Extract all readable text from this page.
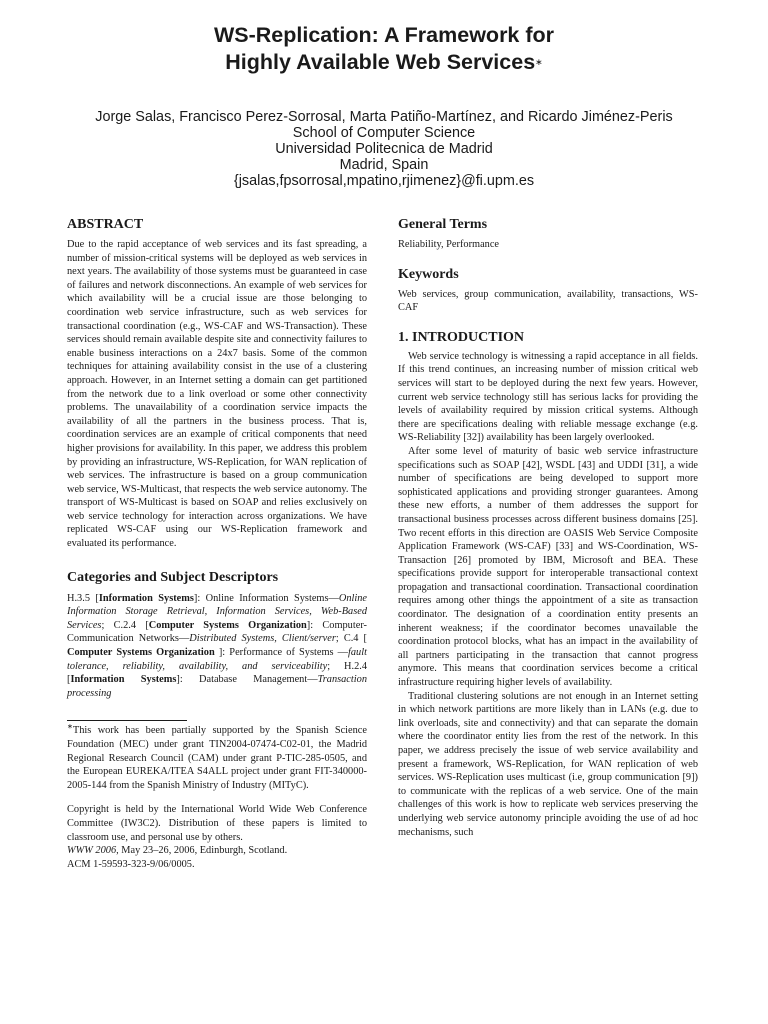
WS-Replication: A Framework for
Highly Available Web Services∗
Jorge Salas, Francisco Perez-Sorrosal, Marta Patiño-Martínez, and Ricardo Jiménez-Peris
School of Computer Science
Universidad Politecnica de Madrid
Madrid, Spain
{jsalas,fpsorrosal,mpatino,rjimenez}@fi.upm.es
ABSTRACT

Due to the rapid acceptance of web services and its fast spreading, a number of mission-critical systems will be deployed as web services in next years. The availability of those systems must be guaranteed in case of failures and network disconnections. An example of web services for which availability will be a crucial issue are those belonging to coordination web service infrastructure, such as web services for transactional coordination (e.g., WS-CAF and WS-Transaction). These services should remain available despite site and connectivity failures to enable business interactions on a 24x7 basis. Some of the common techniques for attaining availability consist in the use of a clustering approach. However, in an Internet setting a domain can get partitioned from the network due to a link overload or some other connectivity problems. The unavailability of a coordination service impacts the availability of all the partners in the business process. That is, coordination services are an example of critical components that need higher provisions for availability. In this paper, we address this problem by providing an infrastructure, WS-Replication, for WAN replication of web services. The infrastructure is based on a group communication web service, WS-Multicast, that respects the web service autonomy. The transport of WS-Multicast is based on SOAP and relies exclusively on web service technology for interaction across organizations. We have replicated WS-CAF using our WS-Replication framework and evaluated its performance.

Categories and Subject Descriptors

H.3.5 [Information Systems]: Online Information Systems—Online Information Storage Retrieval, Information Services, Web-Based Services; C.2.4 [Computer Systems Organization]: Computer-Communication Networks—Distributed Systems, Client/server; C.4 [ Computer Systems Organization ]: Performance of Systems —fault tolerance, reliability, availability, and serviceability; H.2.4 [Information Systems]: Database Management—Transaction processing

∗This work has been partially supported by the Spanish Science Foundation (MEC) under grant TIN2004-07474-C02-01, the Madrid Regional Research Council (CAM) under grant P-TIC-285-0505, and the European EUREKA/ITEA S4ALL project under grant FIT-340000-2005-144 from the Spanish Ministry of Industry (MITyC).

Copyright is held by the International World Wide Web Conference Committee (IW3C2). Distribution of these papers is limited to classroom use, and personal use by others.

WWW 2006, May 23–26, 2006, Edinburgh, Scotland.

ACM 1-59593-323-9/06/0005.

General Terms

Reliability, Performance

Keywords

Web services, group communication, availability, transactions, WS-CAF

1. INTRODUCTION

Web service technology is witnessing a rapid acceptance in all fields. If this trend continues, an increasing number of mission critical web services will start to be deployed during the next few years. However, current web service technology still has serious lacks for providing the levels of availability required by mission critical systems. Although there are specifications dealing with reliable message exchange (e.g. WS-Reliability [32]) availability has been largely overlooked.

After some level of maturity of basic web service infrastructure specifications such as SOAP [42], WSDL [43] and UDDI [31], a wide number of specifications are being developed to support more sophisticated applications and providing stronger guarantees. Among these new efforts, a number of them addresses the support for transactional business processes across different business domains [25]. Two recent efforts in this direction are OASIS Web Service Composite Application Framework (WS-CAF) [33] and WS-Coordination, WS-Transaction [26] promoted by IBM, Microsoft and BEA. These specifications provide support for interoperable transactional context propagation and transactional coordination. Transactional coordination requires among other things the appointment of a site as transaction coordinator. The designation of a coordination entity presents an inherent weakness; if the coordinator becomes unavailable the coordination protocol blocks, what has an impact in the availability of all partners participating in the transaction that cannot progress anymore. This means that coordination services become a critical infrastructure requiring higher levels of availability.

Traditional clustering solutions are not enough in an Internet setting in which network partitions are more likely than in LANs (e.g. due to link overloads, site and connectivity) and that can separate the domain where the coordinator entity lies from the rest of the network. In this paper, we address precisely the issue of web service availability and present a framework, WS-Replication, for WAN replication of web services. WS-Replication uses multicast (i.e, group communication [9]) to communicate with the replicas of a web service. One of the main challenges of this work is how to replicate web services preserving the underlying web service autonomy principle avoiding the use of ad hoc mechanisms, such
